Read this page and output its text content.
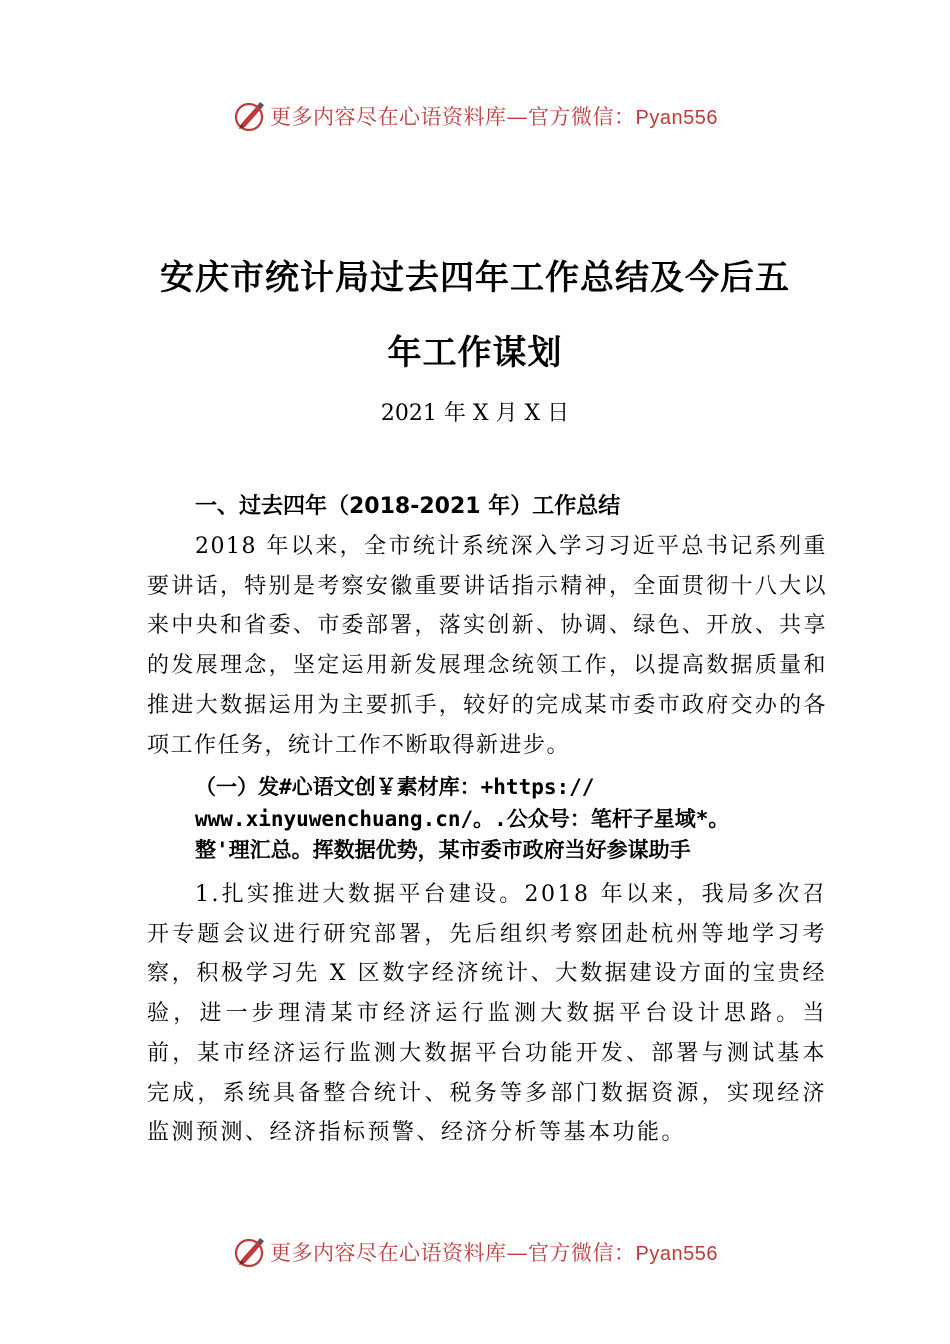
更多内容尽在心语资料库—官方微信：Pyan556
安庆市统计局过去四年工作总结及今后五
年工作谋划
2021 年 X 月 X 日
一、过去四年（2018-2021 年）工作总结
2018 年以来，全市统计系统深入学习习近平总书记系列重要讲话，特别是考察安徽重要讲话指示精神，全面贯彻十八大以来中央和省委、市委部署，落实创新、协调、绿色、开放、共享的发展理念，坚定运用新发展理念统领工作，以提高数据质量和推进大数据运用为主要抓手，较好的完成某市委市政府交办的各项工作任务，统计工作不断取得新进步。
（一）发#心语文创￥素材库：+https://
www.xinyuwenchuang.cn/。.公众号：笔杆子星域*。
整'理汇总。挥数据优势，某市委市政府当好参谋助手
1.扎实推进大数据平台建设。2018 年以来，我局多次召开专题会议进行研究部署，先后组织考察团赴杭州等地学习考察，积极学习先 X 区数字经济统计、大数据建设方面的宝贵经验，进一步理清某市经济运行监测大数据平台设计思路。当前，某市经济运行监测大数据平台功能开发、部署与测试基本完成，系统具备整合统计、税务等多部门数据资源，实现经济监测预测、经济指标预警、经济分析等基本功能。
更多内容尽在心语资料库—官方微信：Pyan556
